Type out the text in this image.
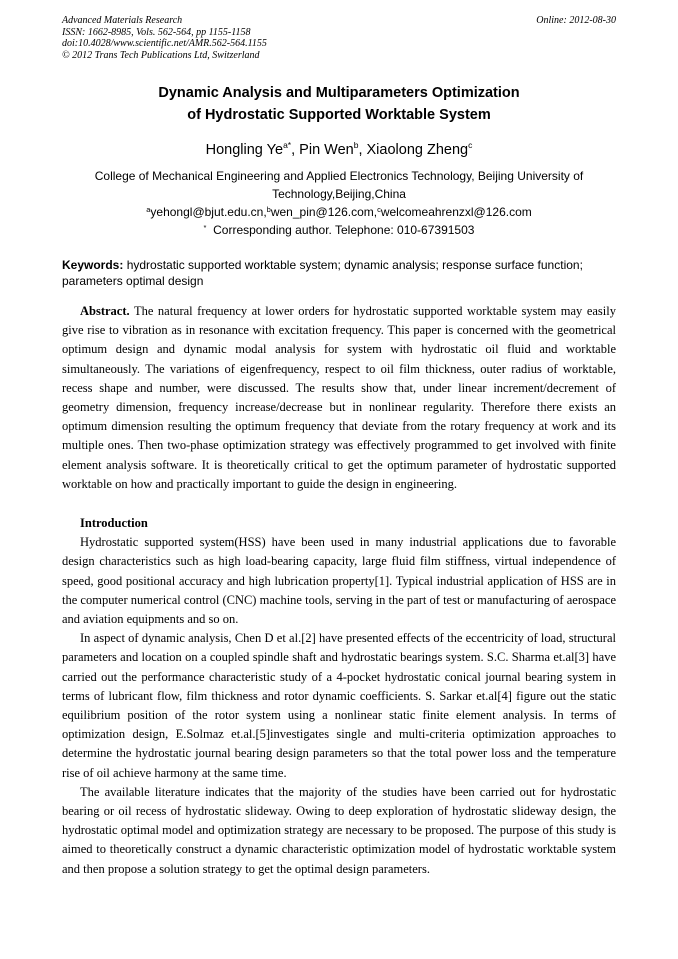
Advanced Materials Research
ISSN: 1662-8985, Vols. 562-564, pp 1155-1158
doi:10.4028/www.scientific.net/AMR.562-564.1155
© 2012 Trans Tech Publications Ltd, Switzerland
Online: 2012-08-30
Dynamic Analysis and Multiparameters Optimization
of Hydrostatic Supported Worktable System
Hongling $Ye^{a*}$, Pin Wen$^b$, Xiaolong Zheng$^c$
College of Mechanical Engineering and Applied Electronics Technology, Beijing University of
Technology,Beijing,China
$^a$yehongl@bjut.edu.cn,$^b$wen_pin@126.com,$^c$welcomeahrenzxl@126.com
* Corresponding author. Telephone: 010-67391503
Keywords: hydrostatic supported worktable system; dynamic analysis; response surface function; parameters optimal design

Abstract. The natural frequency at lower orders for hydrostatic supported worktable system may easily give rise to vibration as in resonance with excitation frequency. This paper is concerned with the geometrical optimum design and dynamic modal analysis for system with hydrostatic oil fluid and worktable simultaneously. The variations of eigenfrequency, respect to oil film thickness, outer radius of worktable, recess shape and number, were discussed. The results show that, under linear increment/decrement of geometry dimension, frequency increase/decrease but in nonlinear regularity. Therefore there exists an optimum dimension resulting the optimum frequency that deviate from the rotary frequency at work and its multiple ones. Then two-phase optimization strategy was effectively programmed to get involved with finite element analysis software. It is theoretically critical to get the optimum parameter of hydrostatic supported worktable on how and practically important to guide the design in engineering.

Introduction

Hydrostatic supported system(HSS) have been used in many industrial applications due to favorable design characteristics such as high load-bearing capacity, large fluid film stiffness, virtual independence of speed, good positional accuracy and high lubrication property[1]. Typical industrial application of HSS are in the computer numerical control (CNC) machine tools, serving in the part of test or manufacturing of aerospace and aviation equipments and so on.

In aspect of dynamic analysis, Chen D et al.[2] have presented effects of the eccentricity of load, structural parameters and location on a coupled spindle shaft and hydrostatic bearings system. S.C. Sharma et.al[3] have carried out the performance characteristic study of a 4-pocket hydrostatic conical journal bearing system in terms of lubricant flow, film thickness and rotor dynamic coefficients. S. Sarkar et.al[4] figure out the static equilibrium position of the rotor system using a nonlinear static finite element analysis. In terms of optimization design, E.Solmaz et.al.[5]investigates single and multi-criteria optimization approaches to determine the hydrostatic journal bearing design parameters so that the total power loss and the temperature rise of oil achieve harmony at the same time.

The available literature indicates that the majority of the studies have been carried out for hydrostatic bearing or oil recess of hydrostatic slideway. Owing to deep exploration of hydrostatic slideway design, the hydrostatic optimal model and optimization strategy are necessary to be proposed. The purpose of this study is aimed to theoretically construct a dynamic characteristic optimization model of hydrostatic worktable system and then propose a solution strategy to get the optimal design parameters.
